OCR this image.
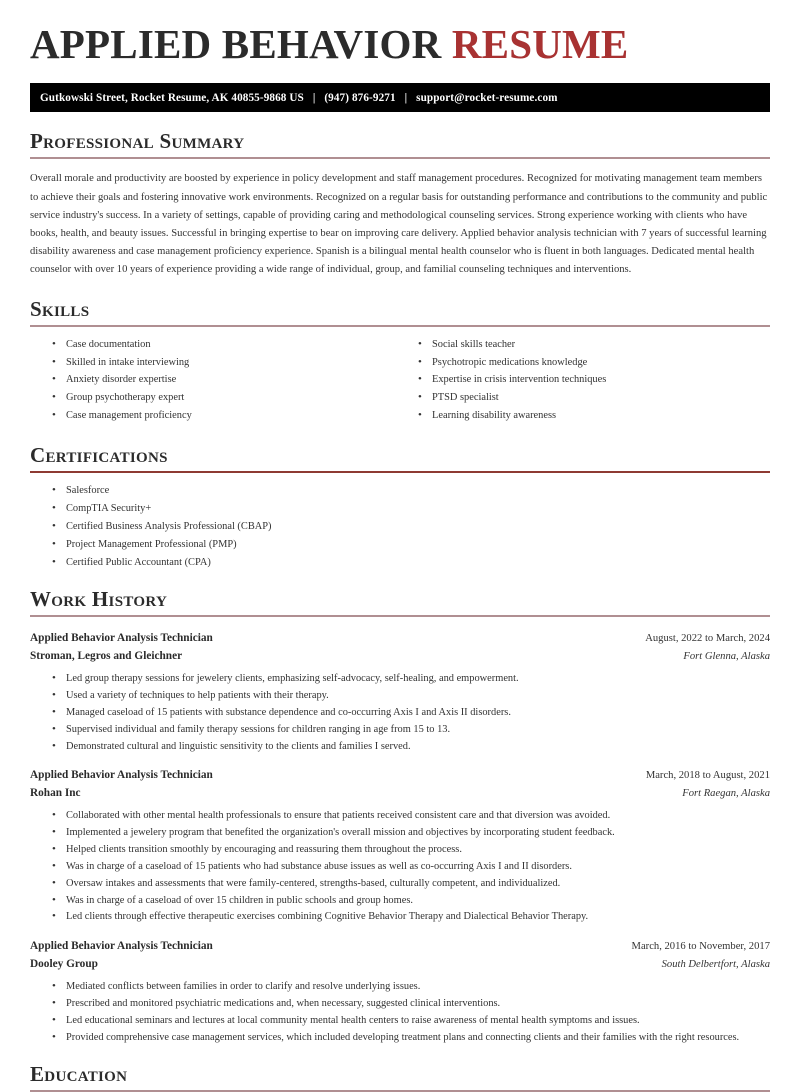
APPLIED BEHAVIOR RESUME
Gutkowski Street, Rocket Resume, AK 40855-9868 US | (947) 876-9271 | support@rocket-resume.com
Professional Summary
Overall morale and productivity are boosted by experience in policy development and staff management procedures. Recognized for motivating management team members to achieve their goals and fostering innovative work environments. Recognized on a regular basis for outstanding performance and contributions to the community and public service industry's success. In a variety of settings, capable of providing caring and methodological counseling services. Strong experience working with clients who have books, health, and beauty issues. Successful in bringing expertise to bear on improving care delivery. Applied behavior analysis technician with 7 years of successful learning disability awareness and case management proficiency experience. Spanish is a bilingual mental health counselor who is fluent in both languages. Dedicated mental health counselor with over 10 years of experience providing a wide range of individual, group, and familial counseling techniques and interventions.
Skills
• Case documentation
• Skilled in intake interviewing
• Anxiety disorder expertise
• Group psychotherapy expert
• Case management proficiency
• Social skills teacher
• Psychotropic medications knowledge
• Expertise in crisis intervention techniques
• PTSD specialist
• Learning disability awareness
Certifications
• Salesforce
• CompTIA Security+
• Certified Business Analysis Professional (CBAP)
• Project Management Professional (PMP)
• Certified Public Accountant (CPA)
Work History
Applied Behavior Analysis Technician	August, 2022 to March, 2024
Stroman, Legros and Gleichner	Fort Glenna, Alaska
• Led group therapy sessions for jewelery clients, emphasizing self-advocacy, self-healing, and empowerment.
• Used a variety of techniques to help patients with their therapy.
• Managed caseload of 15 patients with substance dependence and co-occurring Axis I and Axis II disorders.
• Supervised individual and family therapy sessions for children ranging in age from 15 to 13.
• Demonstrated cultural and linguistic sensitivity to the clients and families I served.
Applied Behavior Analysis Technician	March, 2018 to August, 2021
Rohan Inc	Fort Raegan, Alaska
• Collaborated with other mental health professionals to ensure that patients received consistent care and that diversion was avoided.
• Implemented a jewelery program that benefited the organization's overall mission and objectives by incorporating student feedback.
• Helped clients transition smoothly by encouraging and reassuring them throughout the process.
• Was in charge of a caseload of 15 patients who had substance abuse issues as well as co-occurring Axis I and II disorders.
• Oversaw intakes and assessments that were family-centered, strengths-based, culturally competent, and individualized.
• Was in charge of a caseload of over 15 children in public schools and group homes.
• Led clients through effective therapeutic exercises combining Cognitive Behavior Therapy and Dialectical Behavior Therapy.
Applied Behavior Analysis Technician	March, 2016 to November, 2017
Dooley Group	South Delbertfort, Alaska
• Mediated conflicts between families in order to clarify and resolve underlying issues.
• Prescribed and monitored psychiatric medications and, when necessary, suggested clinical interventions.
• Led educational seminars and lectures at local community mental health centers to raise awareness of mental health symptoms and issues.
• Provided comprehensive case management services, which included developing treatment plans and connecting clients and their families with the right resources.
Education
